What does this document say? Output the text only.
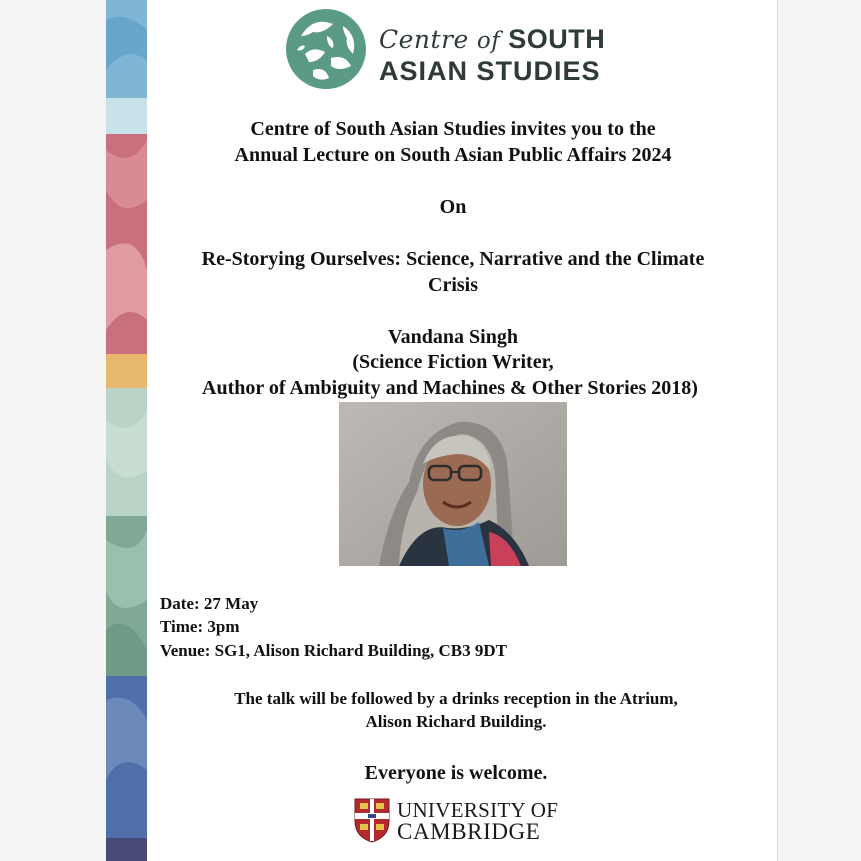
Centre of SOUTH
ASIAN STUDIES
Centre of South Asian Studies invites you to the
Annual Lecture on South Asian Public Affairs 2024
On
Re-Storying Ourselves: Science, Narrative and the Climate
Crisis
Vandana Singh
(Science Fiction Writer,
Author of Ambiguity and Machines & Other Stories 2018)
Date: 27 May
Time: 3pm
Venue: SG1, Alison Richard Building, CB3 9DT
The talk will be followed by a drinks reception in the Atrium,
Alison Richard Building.
Everyone is welcome.
UNIVERSITY OF
CAMBRIDGE
